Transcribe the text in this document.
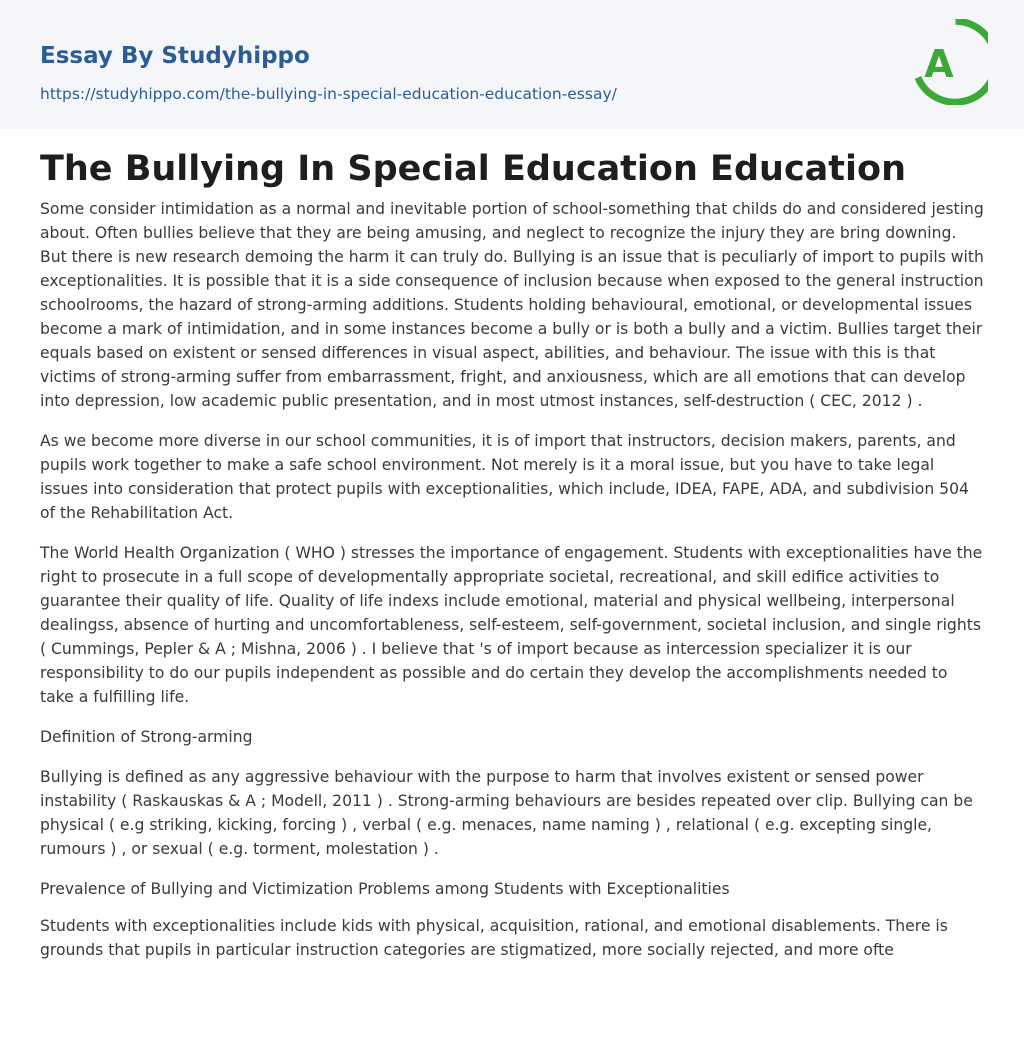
Essay By Studyhippo
https://studyhippo.com/the-bullying-in-special-education-education-essay/
A
The Bullying In Special Education Education

Some consider intimidation as a normal and inevitable portion of school-something that childs do and considered jesting about. Often bullies believe that they are being amusing, and neglect to recognize the injury they are bring downing. But there is new research demoing the harm it can truly do. Bullying is an issue that is peculiarly of import to pupils with exceptionalities. It is possible that it is a side consequence of inclusion because when exposed to the general instruction schoolrooms, the hazard of strong-arming additions. Students holding behavioural, emotional, or developmental issues become a mark of intimidation, and in some instances become a bully or is both a bully and a victim. Bullies target their equals based on existent or sensed differences in visual aspect, abilities, and behaviour. The issue with this is that victims of strong-arming suffer from embarrassment, fright, and anxiousness, which are all emotions that can develop into depression, low academic public presentation, and in most utmost instances, self-destruction ( CEC, 2012 ) .

As we become more diverse in our school communities, it is of import that instructors, decision makers, parents, and pupils work together to make a safe school environment. Not merely is it a moral issue, but you have to take legal issues into consideration that protect pupils with exceptionalities, which include, IDEA, FAPE, ADA, and subdivision 504 of the Rehabilitation Act.

The World Health Organization ( WHO ) stresses the importance of engagement. Students with exceptionalities have the right to prosecute in a full scope of developmentally appropriate societal, recreational, and skill edifice activities to guarantee their quality of life. Quality of life indexs include emotional, material and physical wellbeing, interpersonal dealingss, absence of hurting and uncomfortableness, self-esteem, self-government, societal inclusion, and single rights ( Cummings, Pepler & A ; Mishna, 2006 ) . I believe that 's of import because as intercession specializer it is our responsibility to do our pupils independent as possible and do certain they develop the accomplishments needed to take a fulfilling life.

Definition of Strong-arming

Bullying is defined as any aggressive behaviour with the purpose to harm that involves existent or sensed power instability ( Raskauskas & A ; Modell, 2011 ) . Strong-arming behaviours are besides repeated over clip. Bullying can be physical ( e.g striking, kicking, forcing ) , verbal ( e.g. menaces, name naming ) , relational ( e.g. excepting single, rumours ) , or sexual ( e.g. torment, molestation ) .

Prevalence of Bullying and Victimization Problems among Students with Exceptionalities

Students with exceptionalities include kids with physical, acquisition, rational, and emotional disablements. There is grounds that pupils in particular instruction categories are stigmatized, more socially rejected, and more ofte
